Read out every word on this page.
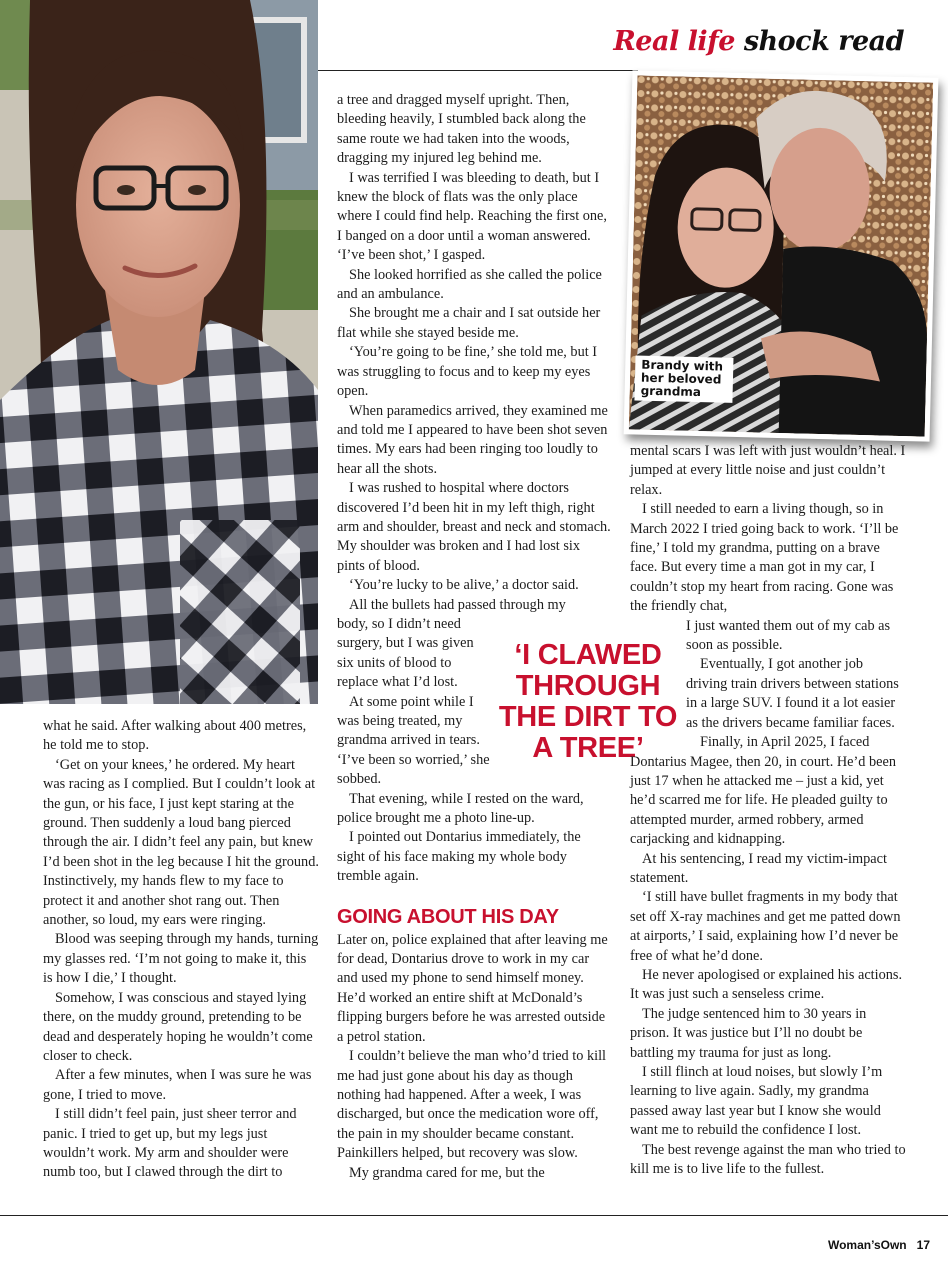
Real life shock read
Brandy with
her beloved
grandma

what he said. After walking about 400 metres, he told me to stop.

‘Get on your knees,’ he ordered. My heart was racing as I complied. But I couldn’t look at the gun, or his face, I just kept staring at the ground. Then suddenly a loud bang pierced through the air. I didn’t feel any pain, but knew I’d been shot in the leg because I hit the ground. Instinctively, my hands flew to my face to protect it and another shot rang out. Then another, so loud, my ears were ringing.

Blood was seeping through my hands, turning my glasses red. ‘I’m not going to make it, this is how I die,’ I thought.

Somehow, I was conscious and stayed lying there, on the muddy ground, pretending to be dead and desperately hoping he wouldn’t come closer to check.

After a few minutes, when I was sure he was gone, I tried to move.

I still didn’t feel pain, just sheer terror and panic. I tried to get up, but my legs just wouldn’t work. My arm and shoulder were numb too, but I clawed through the dirt to

a tree and dragged myself upright. Then, bleeding heavily, I stumbled back along the same route we had taken into the woods, dragging my injured leg behind me.

I was terrified I was bleeding to death, but I knew the block of flats was the only place where I could find help. Reaching the first one, I banged on a door until a woman answered. ‘I’ve been shot,’ I gasped.

She looked horrified as she called the police and an ambulance.

She brought me a chair and I sat outside her flat while she stayed beside me.

‘You’re going to be fine,’ she told me, but I was struggling to focus and to keep my eyes open.

When paramedics arrived, they examined me and told me I appeared to have been shot seven times. My ears had been ringing too loudly to hear all the shots.

I was rushed to hospital where doctors discovered I’d been hit in my left thigh, right arm and shoulder, breast and neck and stomach. My shoulder was broken and I had lost six pints of blood.

‘You’re lucky to be alive,’ a doctor said.

All the bullets had passed through my

body, so I didn’t need surgery, but I was given six units of blood to replace what I’d lost.

At some point while I was being treated, my grandma arrived in tears. ‘I’ve been so worried,’ she sobbed.

That evening, while I rested on the ward, police brought me a photo line-up.

I pointed out Dontarius immediately, the sight of his face making my whole body tremble again.

GOING ABOUT HIS DAY

Later on, police explained that after leaving me for dead, Dontarius drove to work in my car and used my phone to send himself money. He’d worked an entire shift at McDonald’s flipping burgers before he was arrested outside a petrol station.

I couldn’t believe the man who’d tried to kill me had just gone about his day as though nothing had happened. After a week, I was discharged, but once the medication wore off, the pain in my shoulder became constant. Painkillers helped, but recovery was slow.

My grandma cared for me, but the

‘I CLAWED
THROUGH
THE DIRT TO
A TREE’

mental scars I was left with just wouldn’t heal. I jumped at every little noise and just couldn’t relax.

I still needed to earn a living though, so in March 2022 I tried going back to work. ‘I’ll be fine,’ I told my grandma, putting on a brave face. But every time a man got in my car, I couldn’t stop my heart from racing. Gone was the friendly chat,

I just wanted them out of my cab as soon as possible.

Eventually, I got another job driving train drivers between stations in a large SUV. I found it a lot easier as the drivers became familiar faces.

Finally, in April 2025, I faced

Dontarius Magee, then 20, in court. He’d been just 17 when he attacked me – just a kid, yet he’d scarred me for life. He pleaded guilty to attempted murder, armed robbery, armed carjacking and kidnapping.

At his sentencing, I read my victim-impact statement.

‘I still have bullet fragments in my body that set off X-ray machines and get me patted down at airports,’ I said, explaining how I’d never be free of what he’d done.

He never apologised or explained his actions. It was just such a senseless crime.

The judge sentenced him to 30 years in prison. It was justice but I’ll no doubt be battling my trauma for just as long.

I still flinch at loud noises, but slowly I’m learning to live again. Sadly, my grandma passed away last year but I know she would want me to rebuild the confidence I lost.

The best revenge against the man who tried to kill me is to live life to the fullest.

Woman’sOwn 17
